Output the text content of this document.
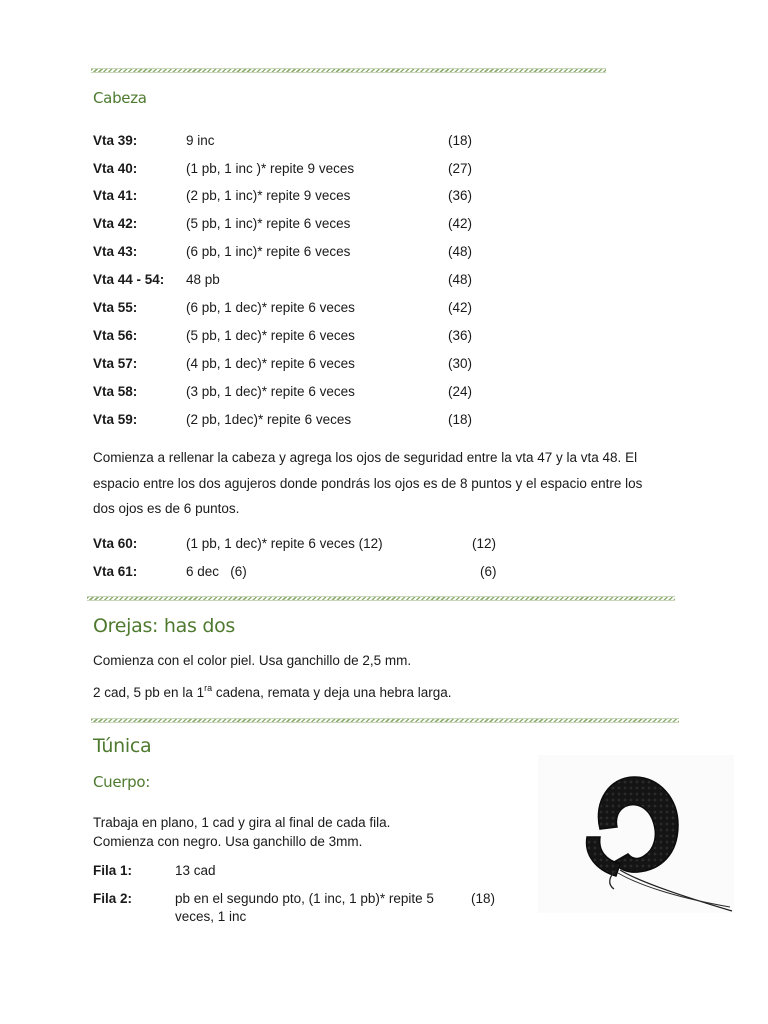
Cabeza
Vta 39:	9 inc	(18)
Vta 40:	(1 pb, 1 inc )* repite 9 veces	(27)
Vta 41:	(2 pb, 1 inc)* repite 9 veces	(36)
Vta 42:	(5 pb, 1 inc)* repite 6 veces	(42)
Vta 43:	(6 pb, 1 inc)* repite 6 veces	(48)
Vta 44 - 54: 48 pb	(48)
Vta 55:	(6 pb, 1 dec)* repite 6 veces	(42)
Vta 56:	(5 pb, 1 dec)* repite 6 veces	(36)
Vta 57:	(4 pb, 1 dec)* repite 6 veces	(30)
Vta 58:	(3 pb, 1 dec)* repite 6 veces	(24)
Vta 59:	(2 pb, 1dec)* repite 6 veces	(18)
Comienza a rellenar la cabeza y agrega los ojos de seguridad entre la vta 47 y la vta 48. El
espacio entre los dos agujeros donde pondrás los ojos es de 8 puntos y el espacio entre los
dos ojos es de 6 puntos.
Vta 60:	(1 pb, 1 dec)* repite 6 veces (12)	(12)
Vta 61:	6 dec   (6)	(6)
Orejas: has dos
Comienza con el color piel. Usa ganchillo de 2,5 mm.
2 cad, 5 pb en la $1^{ra}$ cadena, remata y deja una hebra larga.
Túnica
Cuerpo:
Trabaja en plano, 1 cad y gira al final de cada fila.
Comienza con negro. Usa ganchillo de 3mm.
Fila 1:	13 cad
Fila 2:	pb en el segundo pto, (1 inc, 1 pb)* repite 5
veces, 1 inc
(18)
